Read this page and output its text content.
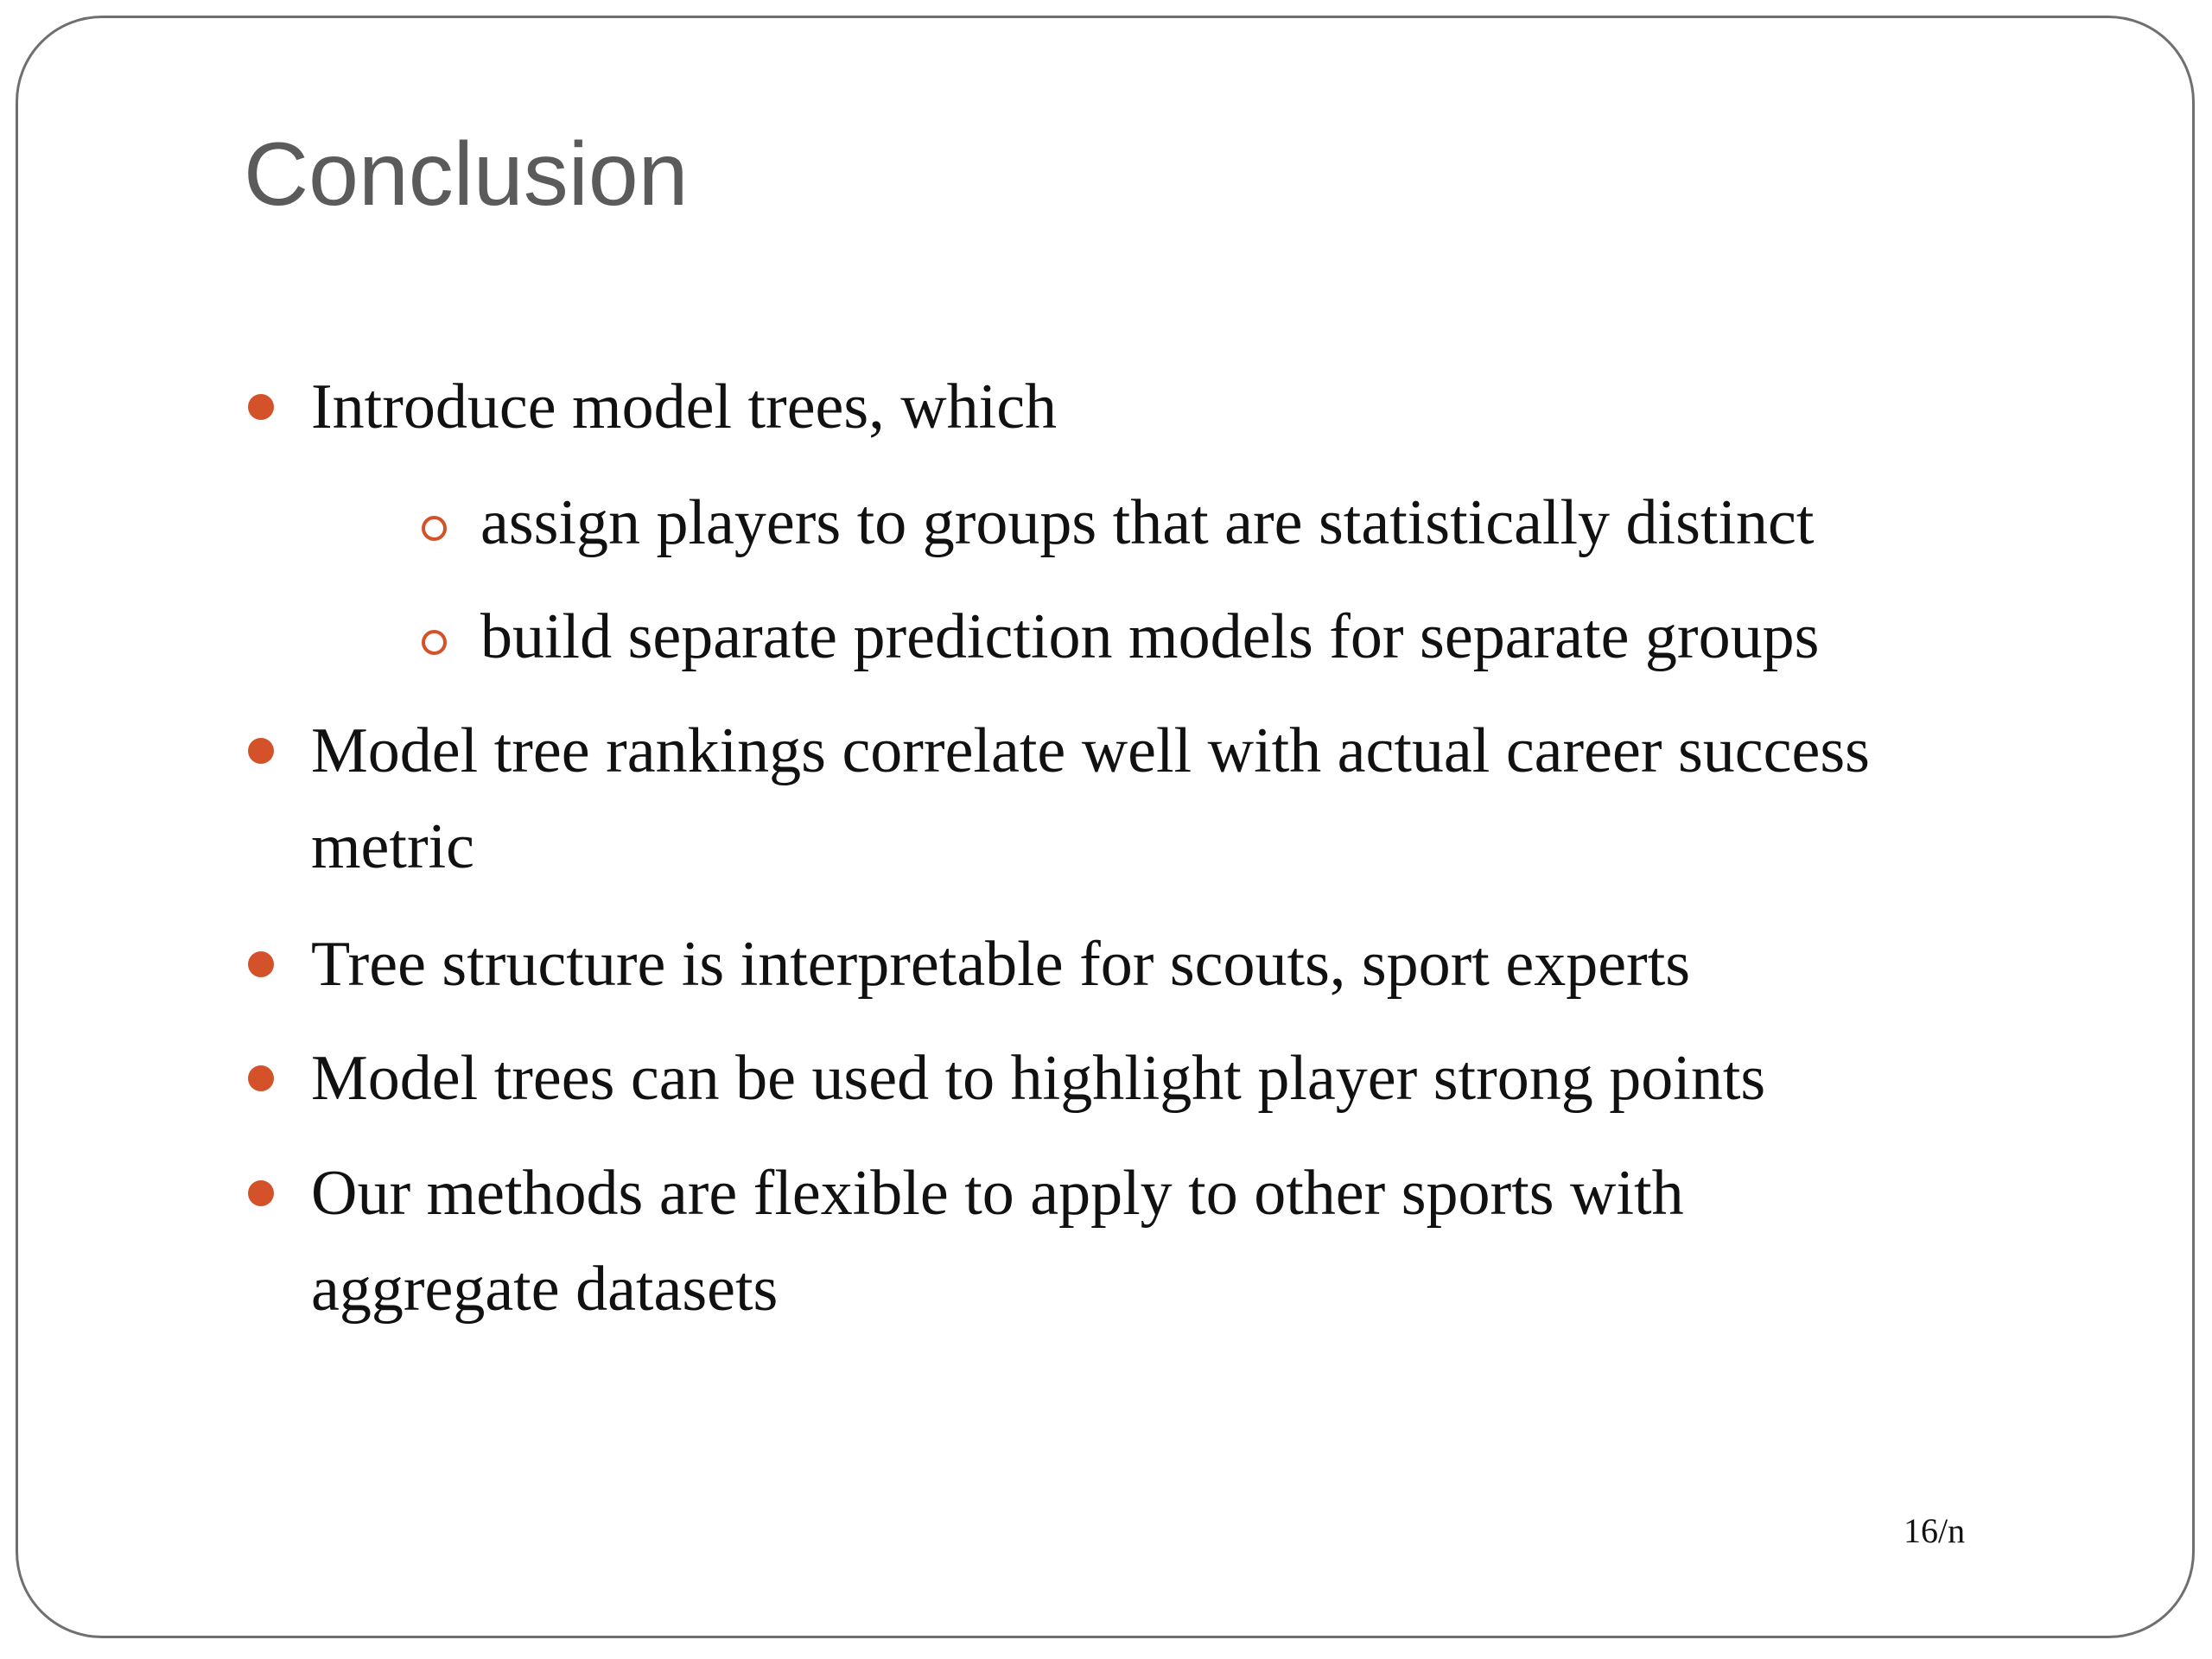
Conclusion
Introduce model trees, which
assign players to groups that are statistically distinct
build separate prediction models for separate groups
Model tree rankings correlate well with actual career success
metric
Tree structure is interpretable for scouts, sport experts
Model trees can be used to highlight player strong points
Our methods are flexible to apply to other sports with
aggregate datasets
16/n
